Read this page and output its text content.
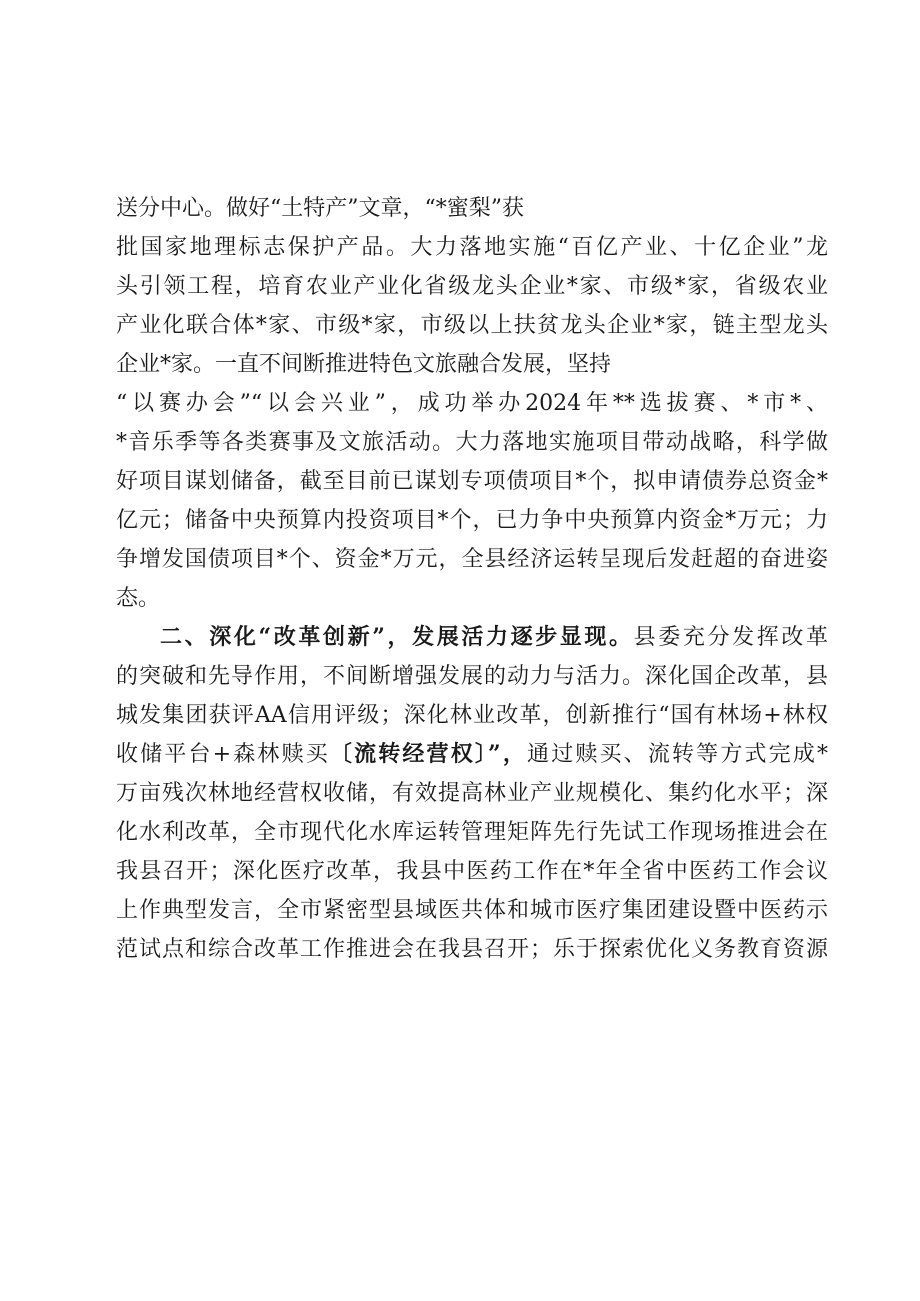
送分中心。做好“土特产”文章，“*蜜梨”获
批国家地理标志保护产品。大力落地实施“百亿产业、十亿企业”龙
头引领工程，培育农业产业化省级龙头企业*家、市级*家，省级农业
产业化联合体*家、市级*家，市级以上扶贫龙头企业*家，链主型龙头
企业*家。一直不间断推进特色文旅融合发展，坚持
“以赛办会”“以会兴业”，成功举办2024年**选拔赛、*市*、
*音乐季等各类赛事及文旅活动。大力落地实施项目带动战略，科学做
好项目谋划储备，截至目前已谋划专项债项目*个，拟申请债券总资金*
亿元；储备中央预算内投资项目*个，已力争中央预算内资金*万元；力
争增发国债项目*个、资金*万元，全县经济运转呈现后发赶超的奋进姿
态。
二、深化“改革创新”，发展活力逐步显现。县委充分发挥改革
的突破和先导作用，不间断增强发展的动力与活力。深化国企改革，县
城发集团获评AA信用评级；深化林业改革，创新推行“国有林场+林权
收储平台+森林赎买〔流转经营权〕”，通过赎买、流转等方式完成*
万亩残次林地经营权收储，有效提高林业产业规模化、集约化水平；深
化水利改革，全市现代化水库运转管理矩阵先行先试工作现场推进会在
我县召开；深化医疗改革，我县中医药工作在*年全省中医药工作会议
上作典型发言，全市紧密型县域医共体和城市医疗集团建设暨中医药示
范试点和综合改革工作推进会在我县召开；乐于探索优化义务教育资源
